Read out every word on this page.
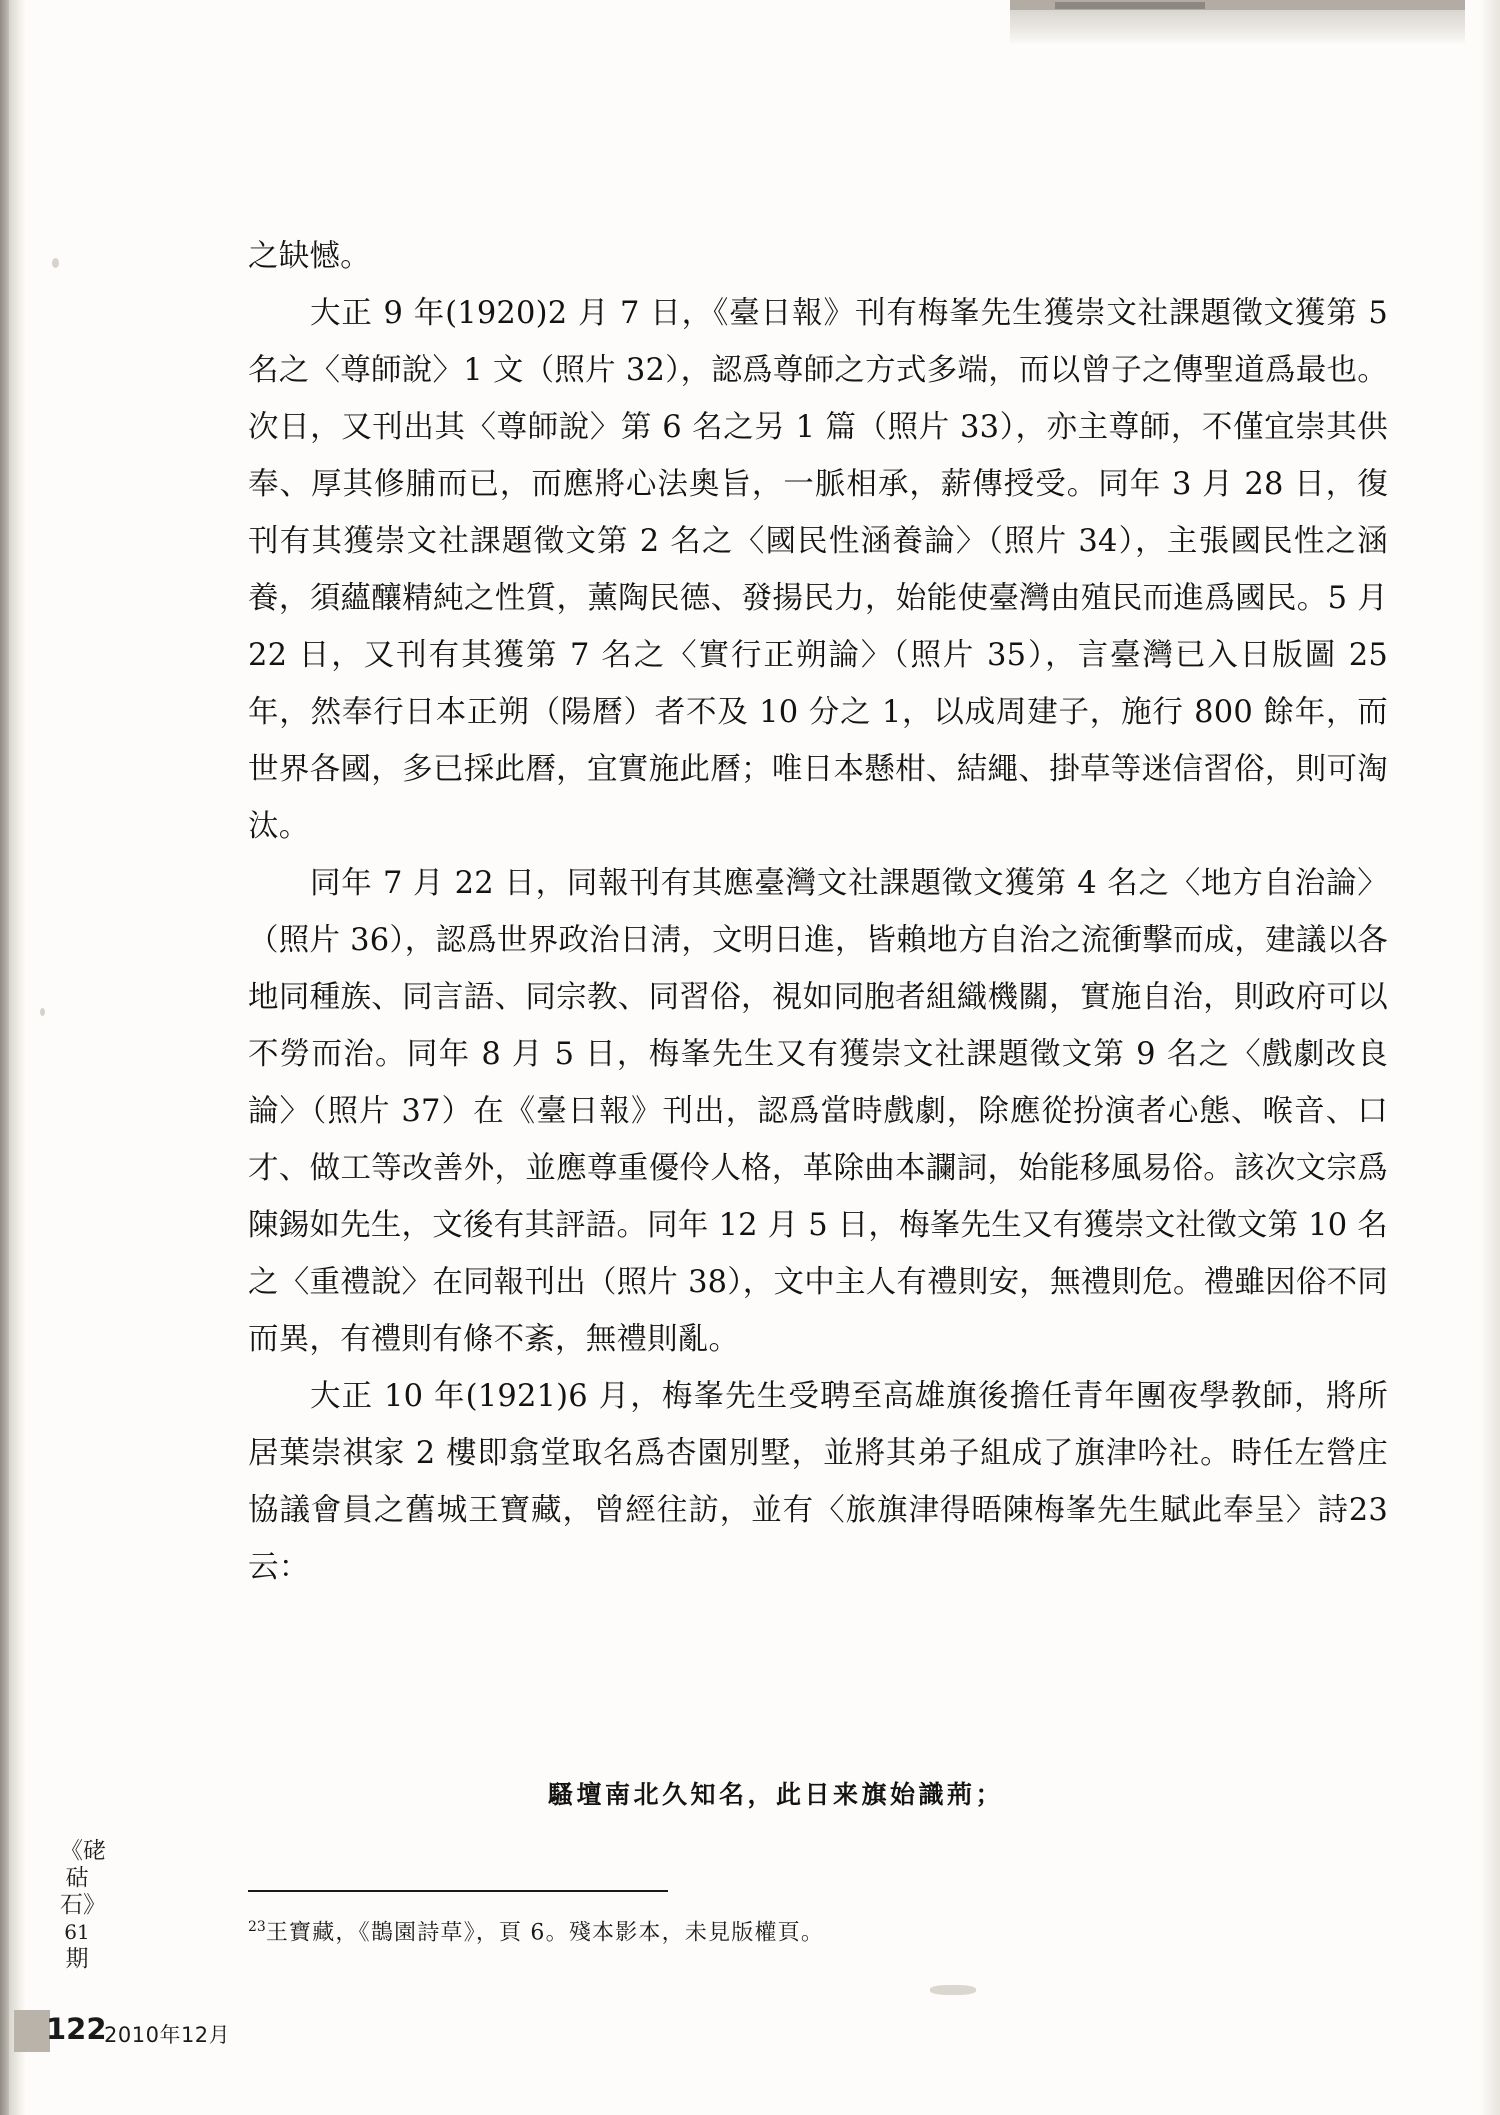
之缺憾。

大正 9 年(1920)2 月 7 日，《臺日報》刊有梅峯先生獲崇文社課題徵文獲第 5 名之〈尊師說〉1 文（照片 32），認爲尊師之方式多端，而以曾子之傳聖道爲最也。次日，又刊出其〈尊師說〉第 6 名之另 1 篇（照片 33），亦主尊師，不僅宜崇其供奉、厚其修脯而已，而應將心法奧旨，一脈相承，薪傳授受。同年 3 月 28 日，復刊有其獲崇文社課題徵文第 2 名之〈國民性涵養論〉（照片 34），主張國民性之涵養，須蘊釀精純之性質，薰陶民德、發揚民力，始能使臺灣由殖民而進爲國民。5 月 22 日，又刊有其獲第 7 名之〈實行正朔論〉（照片 35），言臺灣已入日版圖 25 年，然奉行日本正朔（陽曆）者不及 10 分之 1，以成周建子，施行 800 餘年，而世界各國，多已採此曆，宜實施此曆；唯日本懸柑、結繩、掛草等迷信習俗，則可淘汰。

同年 7 月 22 日，同報刊有其應臺灣文社課題徵文獲第 4 名之〈地方自治論〉（照片 36），認爲世界政治日淸，文明日進，皆賴地方自治之流衝擊而成，建議以各地同種族、同言語、同宗教、同習俗，視如同胞者組織機關，實施自治，則政府可以不勞而治。同年 8 月 5 日，梅峯先生又有獲崇文社課題徵文第 9 名之〈戲劇改良論〉（照片 37）在《臺日報》刊出，認爲當時戲劇，除應從扮演者心態、喉音、口才、做工等改善外，並應尊重優伶人格，革除曲本讕詞，始能移風易俗。該次文宗爲陳錫如先生，文後有其評語。同年 12 月 5 日，梅峯先生又有獲崇文社徵文第 10 名之〈重禮說〉在同報刊出（照片 38），文中主人有禮則安，無禮則危。禮雖因俗不同而異，有禮則有條不紊，無禮則亂。

大正 10 年(1921)6 月，梅峯先生受聘至高雄旗後擔任青年團夜學教師，將所居葉崇祺家 2 樓即翕堂取名爲杏園別墅，並將其弟子組成了旗津吟社。時任左營庄協議會員之舊城王寶藏，曾經往訪，並有〈旅旗津得晤陳梅峯先生賦此奉呈〉詩23云：

騷壇南北久知名，此日来旗始識荊；
$^{23}$王寶藏，《鵲園詩草》，頁 6。殘本影本，未見版權頁。
《硓𥑮石》
61
期
122
2010年12月
